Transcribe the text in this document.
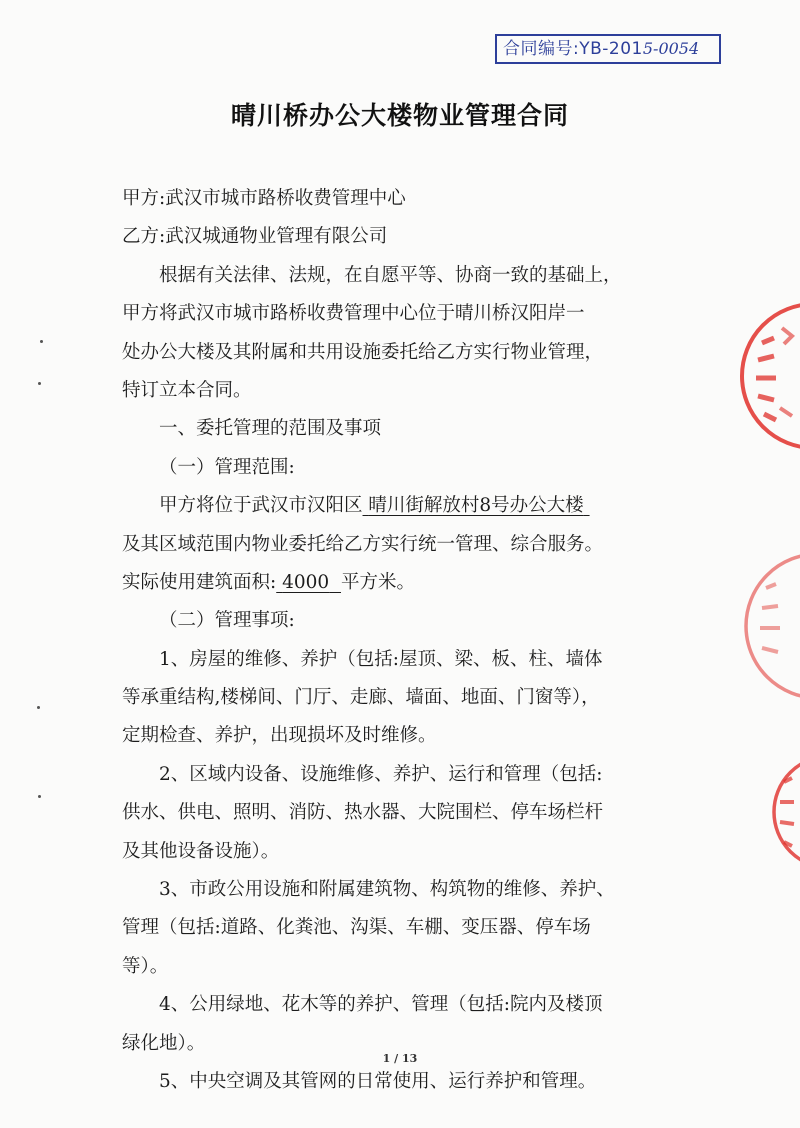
合同编号:YB-2015-0054
晴川桥办公大楼物业管理合同
甲方:武汉市城市路桥收费管理中心
乙方:武汉城通物业管理有限公司
根据有关法律、法规，在自愿平等、协商一致的基础上，
甲方将武汉市城市路桥收费管理中心位于晴川桥汉阳岸一
处办公大楼及其附属和共用设施委托给乙方实行物业管理，
特订立本合同。
一、委托管理的范围及事项
（一）管理范围:
甲方将位于武汉市汉阳区 晴川街解放村8号办公大楼
及其区域范围内物业委托给乙方实行统一管理、综合服务。
实际使用建筑面积: 4000 平方米。
（二）管理事项:
1、房屋的维修、养护（包括:屋顶、梁、板、柱、墙体
等承重结构,楼梯间、门厅、走廊、墙面、地面、门窗等），
定期检查、养护，出现损坏及时维修。
2、区域内设备、设施维修、养护、运行和管理（包括:
供水、供电、照明、消防、热水器、大院围栏、停车场栏杆
及其他设备设施）。
3、市政公用设施和附属建筑物、构筑物的维修、养护、
管理（包括:道路、化粪池、沟渠、车棚、变压器、停车场
等）。
4、公用绿地、花木等的养护、管理（包括:院内及楼顶
绿化地）。
5、中央空调及其管网的日常使用、运行养护和管理。
1 / 13
